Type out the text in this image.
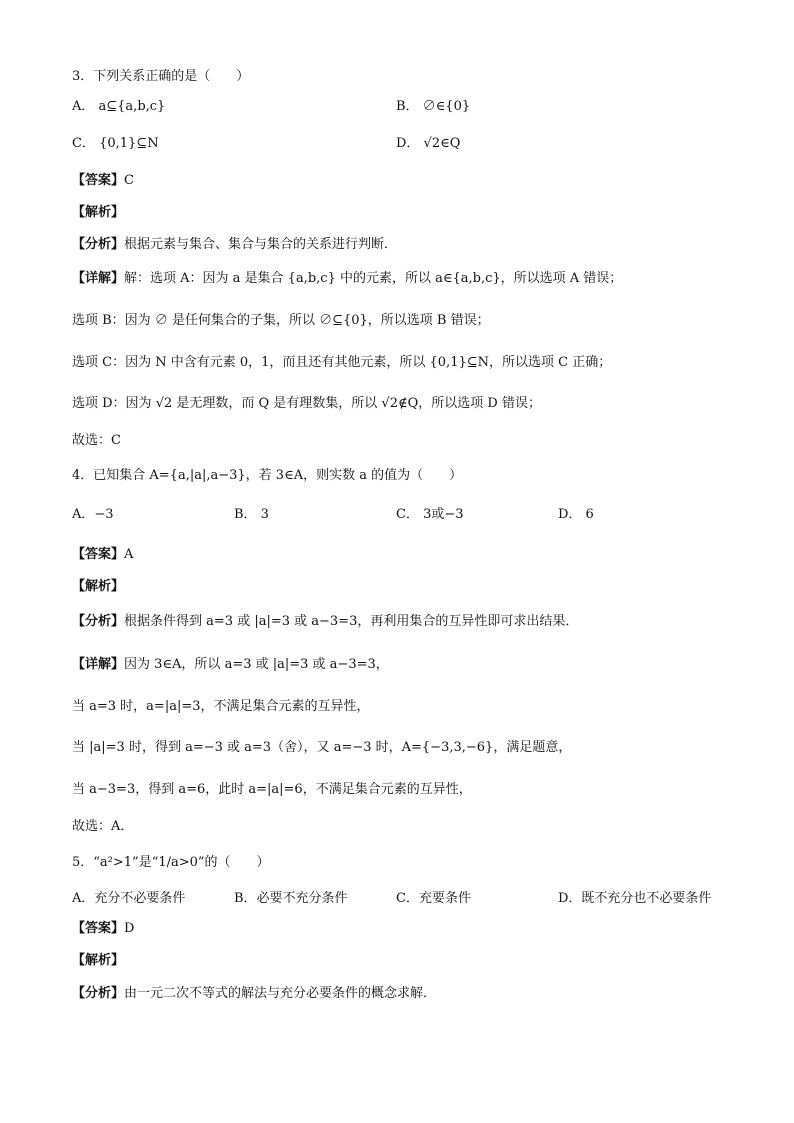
3．下列关系正确的是（　　）
A． a⊆{a,b,c}	B． ∅∈{0}
C． {0,1}⊆N	D． √2∈Q
【答案】C
【解析】
【分析】根据元素与集合、集合与集合的关系进行判断．
【详解】解：选项 A：因为 a 是集合 {a,b,c} 中的元素，所以 a∈{a,b,c}，所以选项 A 错误；
选项 B：因为 ∅ 是任何集合的子集，所以 ∅⊆{0}，所以选项 B 错误；
选项 C：因为 N 中含有元素 0，1，而且还有其他元素，所以 {0,1}⊆N，所以选项 C 正确；
选项 D：因为 √2 是无理数，而 Q 是有理数集，所以 √2∉Q，所以选项 D 错误；
故选：C
4．已知集合 A={a,|a|,a−3}，若 3∈A，则实数 a 的值为（　　）
A．−3	B． 3	C． 3或−3	D． 6
【答案】A
【解析】
【分析】根据条件得到 a=3 或 |a|=3 或 a−3=3，再利用集合的互异性即可求出结果．
【详解】因为 3∈A，所以 a=3 或 |a|=3 或 a−3=3，
当 a=3 时，a=|a|=3，不满足集合元素的互异性，
当 |a|=3 时，得到 a=−3 或 a=3（舍），又 a=−3 时，A={−3,3,−6}，满足题意，
当 a−3=3，得到 a=6，此时 a=|a|=6，不满足集合元素的互异性，
故选：A．
5．“a²>1”是“1/a>0”的（　　）
A．充分不必要条件	B．必要不充分条件	C．充要条件	D．既不充分也不必要条件
【答案】D
【解析】
【分析】由一元二次不等式的解法与充分必要条件的概念求解．
